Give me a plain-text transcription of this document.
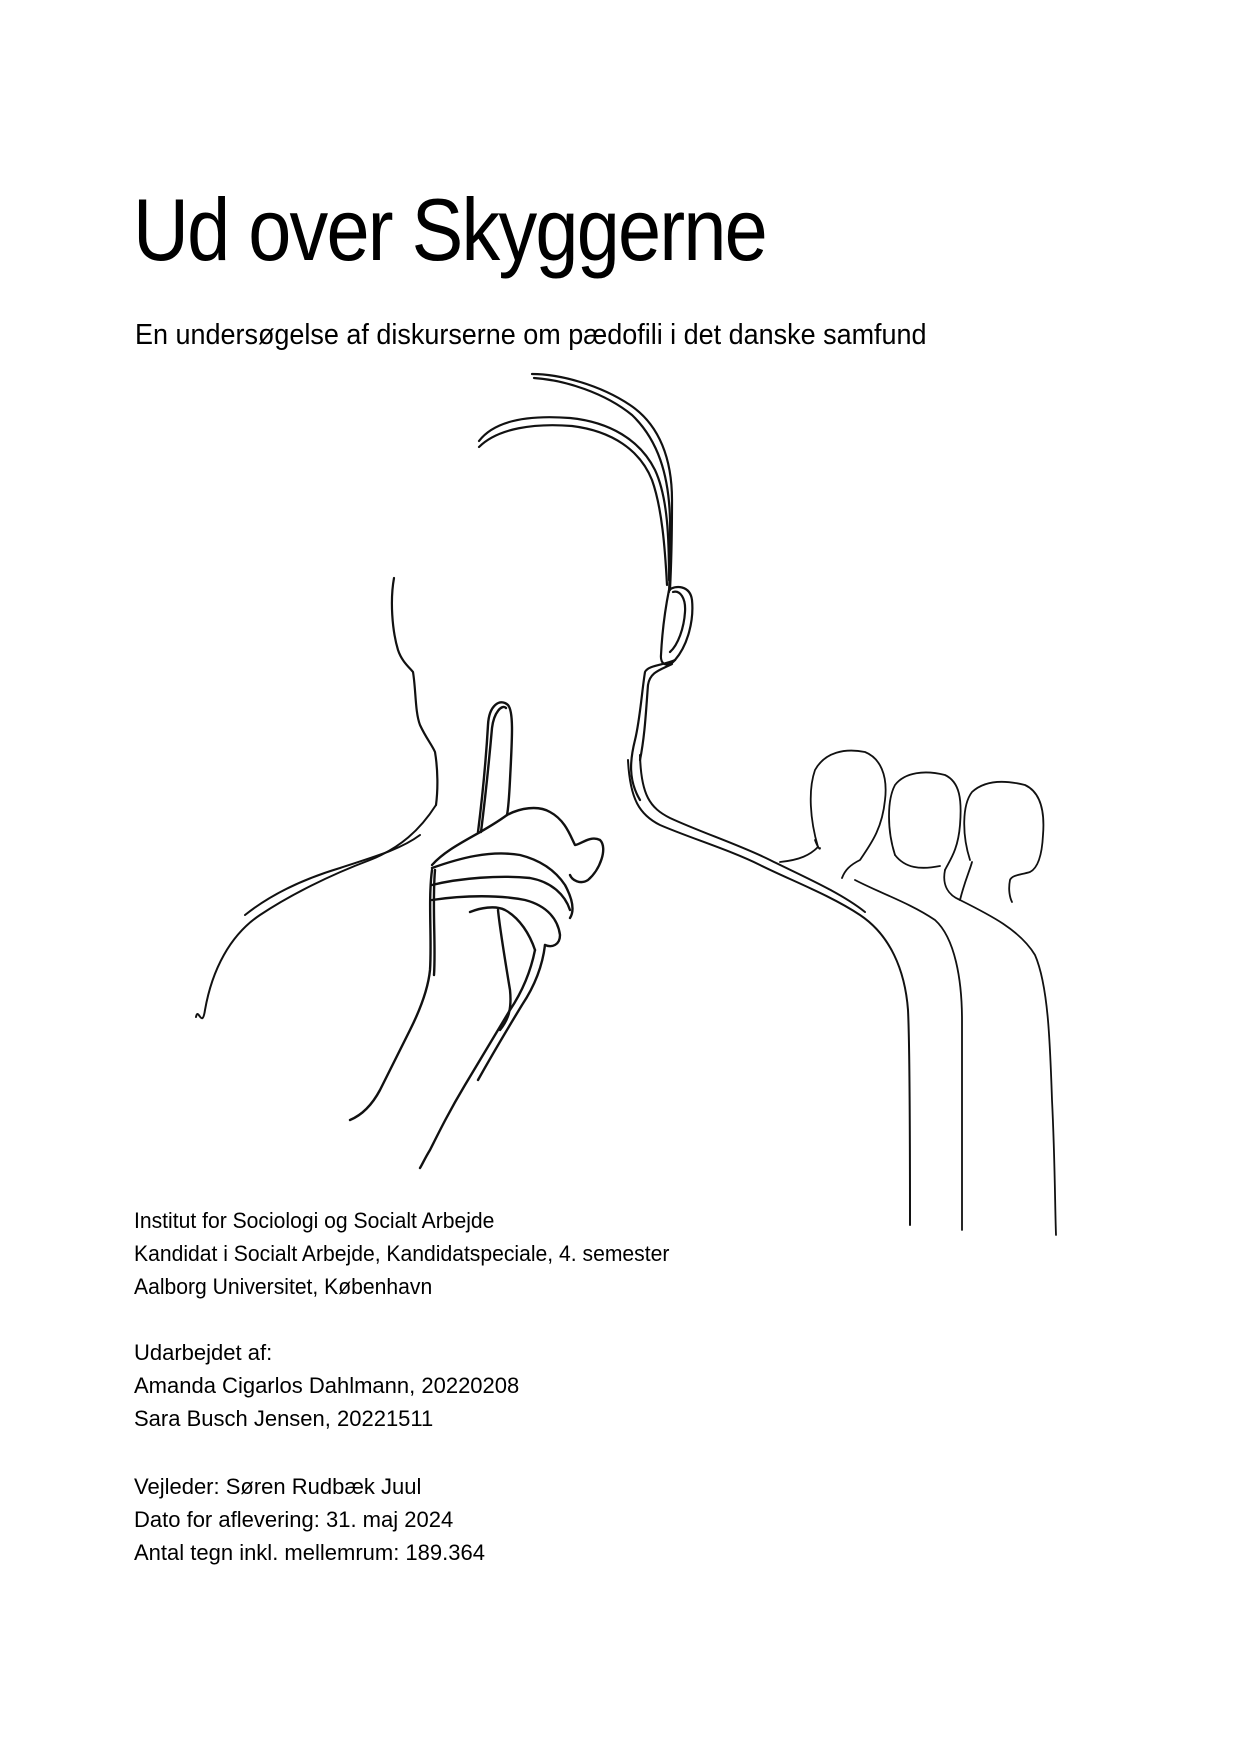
Ud over Skyggerne
En undersøgelse af diskurserne om pædofili i det danske samfund
Institut for Sociologi og Socialt Arbejde
Kandidat i Socialt Arbejde, Kandidatspeciale, 4. semester
Aalborg Universitet, København
Udarbejdet af:
Amanda Cigarlos Dahlmann, 20220208
Sara Busch Jensen, 20221511
Vejleder: Søren Rudbæk Juul
Dato for aflevering: 31. maj 2024
Antal tegn inkl. mellemrum: 189.364
